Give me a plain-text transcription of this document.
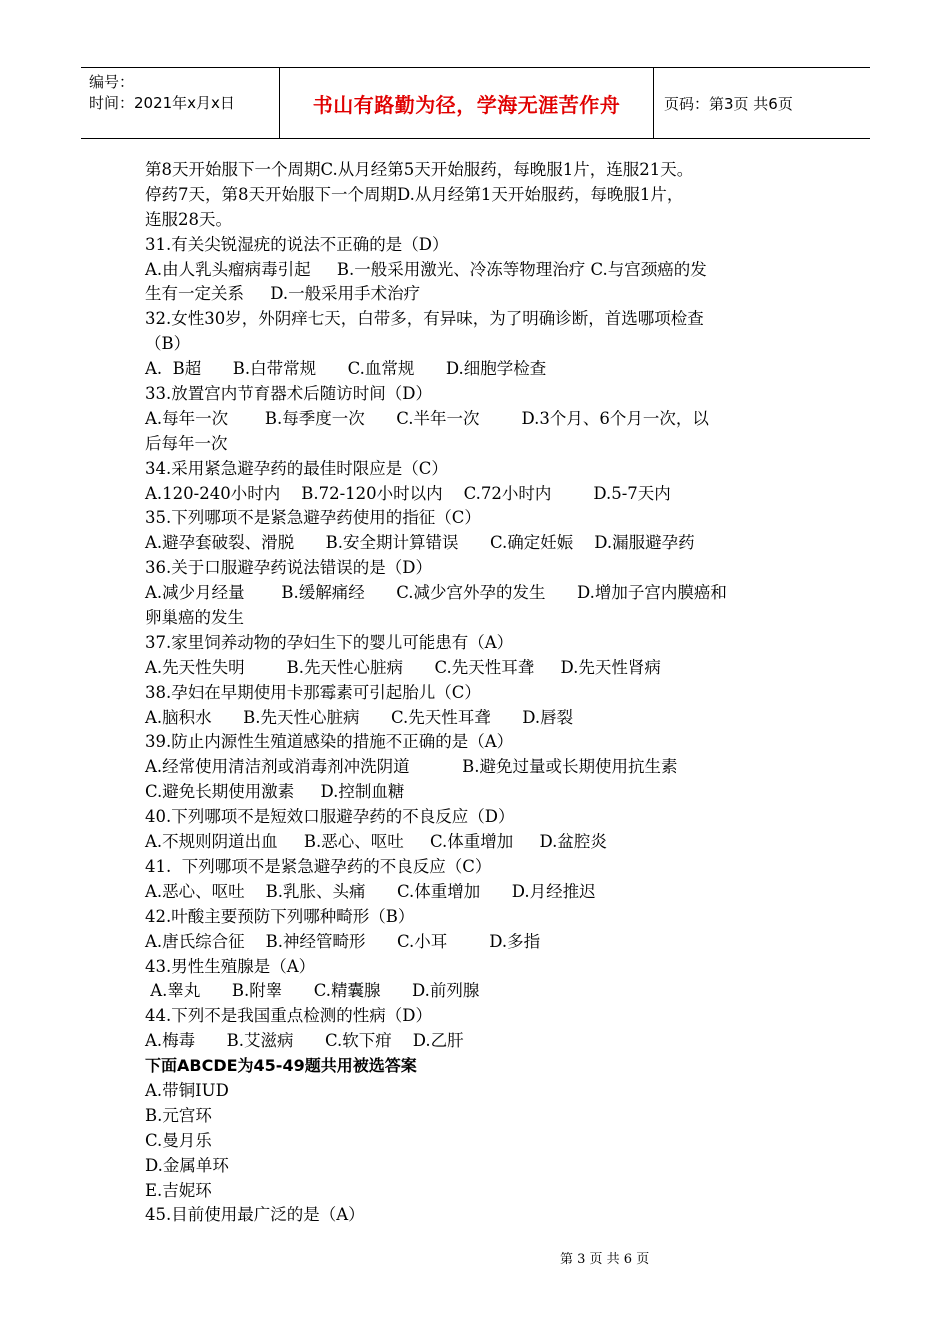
编号：
时间：2021年x月x日	书山有路勤为径，学海无涯苦作舟	页码：第3页 共6页
第8天开始服下一个周期C.从月经第5天开始服药，每晚服1片，连服21天。
停药7天，第8天开始服下一个周期D.从月经第1天开始服药，每晚服1片，
连服28天。
31.有关尖锐湿疣的说法不正确的是（D）
A.由人乳头瘤病毒引起     B.一般采用激光、冷冻等物理治疗 C.与宫颈癌的发
生有一定关系     D.一般采用手术治疗
32.女性30岁，外阴痒七天，白带多，有异味，为了明确诊断，首选哪项检查
（B）
A.  B超      B.白带常规      C.血常规      D.细胞学检查
33.放置宫内节育器术后随访时间（D）
A.每年一次       B.每季度一次      C.半年一次        D.3个月、6个月一次，以
后每年一次
34.采用紧急避孕药的最佳时限应是（C）
A.120-240小时内    B.72-120小时以内    C.72小时内        D.5-7天内
35.下列哪项不是紧急避孕药使用的指征（C）
A.避孕套破裂、滑脱      B.安全期计算错误      C.确定妊娠    D.漏服避孕药
36.关于口服避孕药说法错误的是（D）
A.减少月经量       B.缓解痛经      C.减少宫外孕的发生      D.增加子宫内膜癌和
卵巢癌的发生
37.家里饲养动物的孕妇生下的婴儿可能患有（A）
A.先天性失明        B.先天性心脏病      C.先天性耳聋     D.先天性肾病
38.孕妇在早期使用卡那霉素可引起胎儿（C）
A.脑积水      B.先天性心脏病      C.先天性耳聋      D.唇裂
39.防止内源性生殖道感染的措施不正确的是（A）
A.经常使用清洁剂或消毒剂冲洗阴道          B.避免过量或长期使用抗生素
C.避免长期使用激素     D.控制血糖
40.下列哪项不是短效口服避孕药的不良反应（D）
A.不规则阴道出血     B.恶心、呕吐     C.体重增加     D.盆腔炎
41.  下列哪项不是紧急避孕药的不良反应（C）
A.恶心、呕吐    B.乳胀、头痛      C.体重增加      D.月经推迟
42.叶酸主要预防下列哪种畸形（B）
A.唐氏综合征    B.神经管畸形      C.小耳        D.多指
43.男性生殖腺是（A）
A.睾丸      B.附睾      C.精囊腺      D.前列腺
44.下列不是我国重点检测的性病（D）
A.梅毒      B.艾滋病      C.软下疳    D.乙肝
下面ABCDE为45-49题共用被选答案
A.带铜IUD
B.元宫环
C.曼月乐
D.金属单环
E.吉妮环
45.目前使用最广泛的是（A）
第 3 页 共 6 页
